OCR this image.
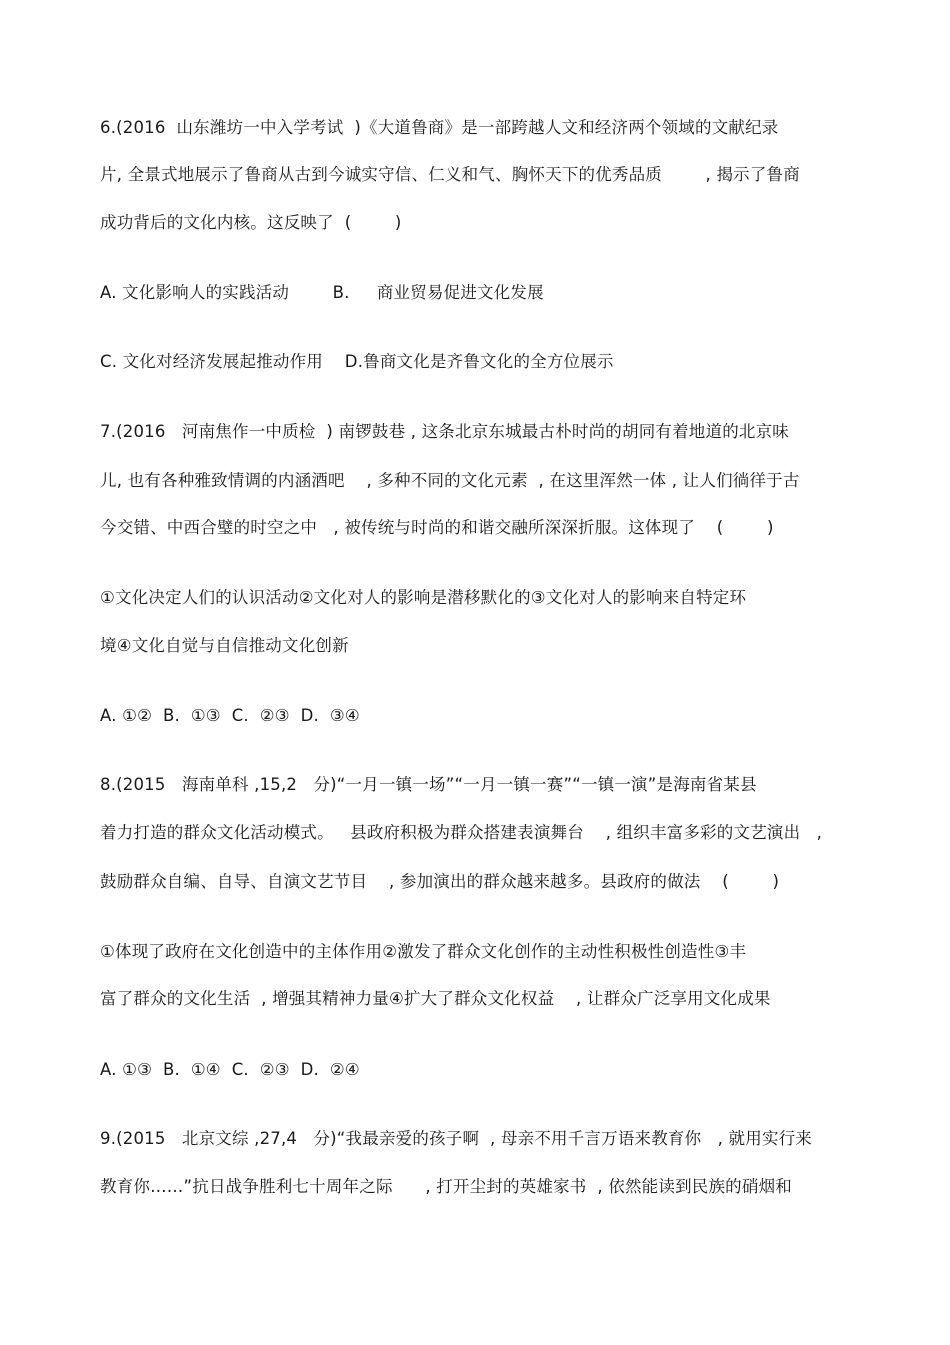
6.(2016  山东潍坊一中入学考试  )《大道鲁商》是一部跨越人文和经济两个领域的文献纪录
片, 全景式地展示了鲁商从古到今诚实守信、仁义和气、胸怀天下的优秀品质        , 揭示了鲁商
成功背后的文化内核。这反映了  (        )
A. 文化影响人的实践活动        B.     商业贸易促进文化发展
C. 文化对经济发展起推动作用    D.鲁商文化是齐鲁文化的全方位展示
7.(2016   河南焦作一中质检  ) 南锣鼓巷 , 这条北京东城最古朴时尚的胡同有着地道的北京味
儿, 也有各种雅致情调的内涵酒吧    , 多种不同的文化元素  , 在这里浑然一体 , 让人们徜徉于古
今交错、中西合璧的时空之中   , 被传统与时尚的和谐交融所深深折服。这体现了    (        )
①文化决定人们的认识活动②文化对人的影响是潜移默化的③文化对人的影响来自特定环
境④文化自觉与自信推动文化创新
A. ①②  B.  ①③  C.  ②③  D.  ③④
8.(2015   海南单科 ,15,2   分)“一月一镇一场”“一月一镇一赛”“一镇一演”是海南省某县
着力打造的群众文化活动模式。   县政府积极为群众搭建表演舞台    , 组织丰富多彩的文艺演出   ,
鼓励群众自编、自导、自演文艺节目    , 参加演出的群众越来越多。县政府的做法    (        )
①体现了政府在文化创造中的主体作用②激发了群众文化创作的主动性积极性创造性③丰
富了群众的文化生活  , 增强其精神力量④扩大了群众文化权益    , 让群众广泛享用文化成果
A. ①③  B.  ①④  C.  ②③  D.  ②④
9.(2015   北京文综 ,27,4   分)“我最亲爱的孩子啊  , 母亲不用千言万语来教育你   , 就用实行来
教育你……”抗日战争胜利七十周年之际      , 打开尘封的英雄家书  , 依然能读到民族的硝烟和
